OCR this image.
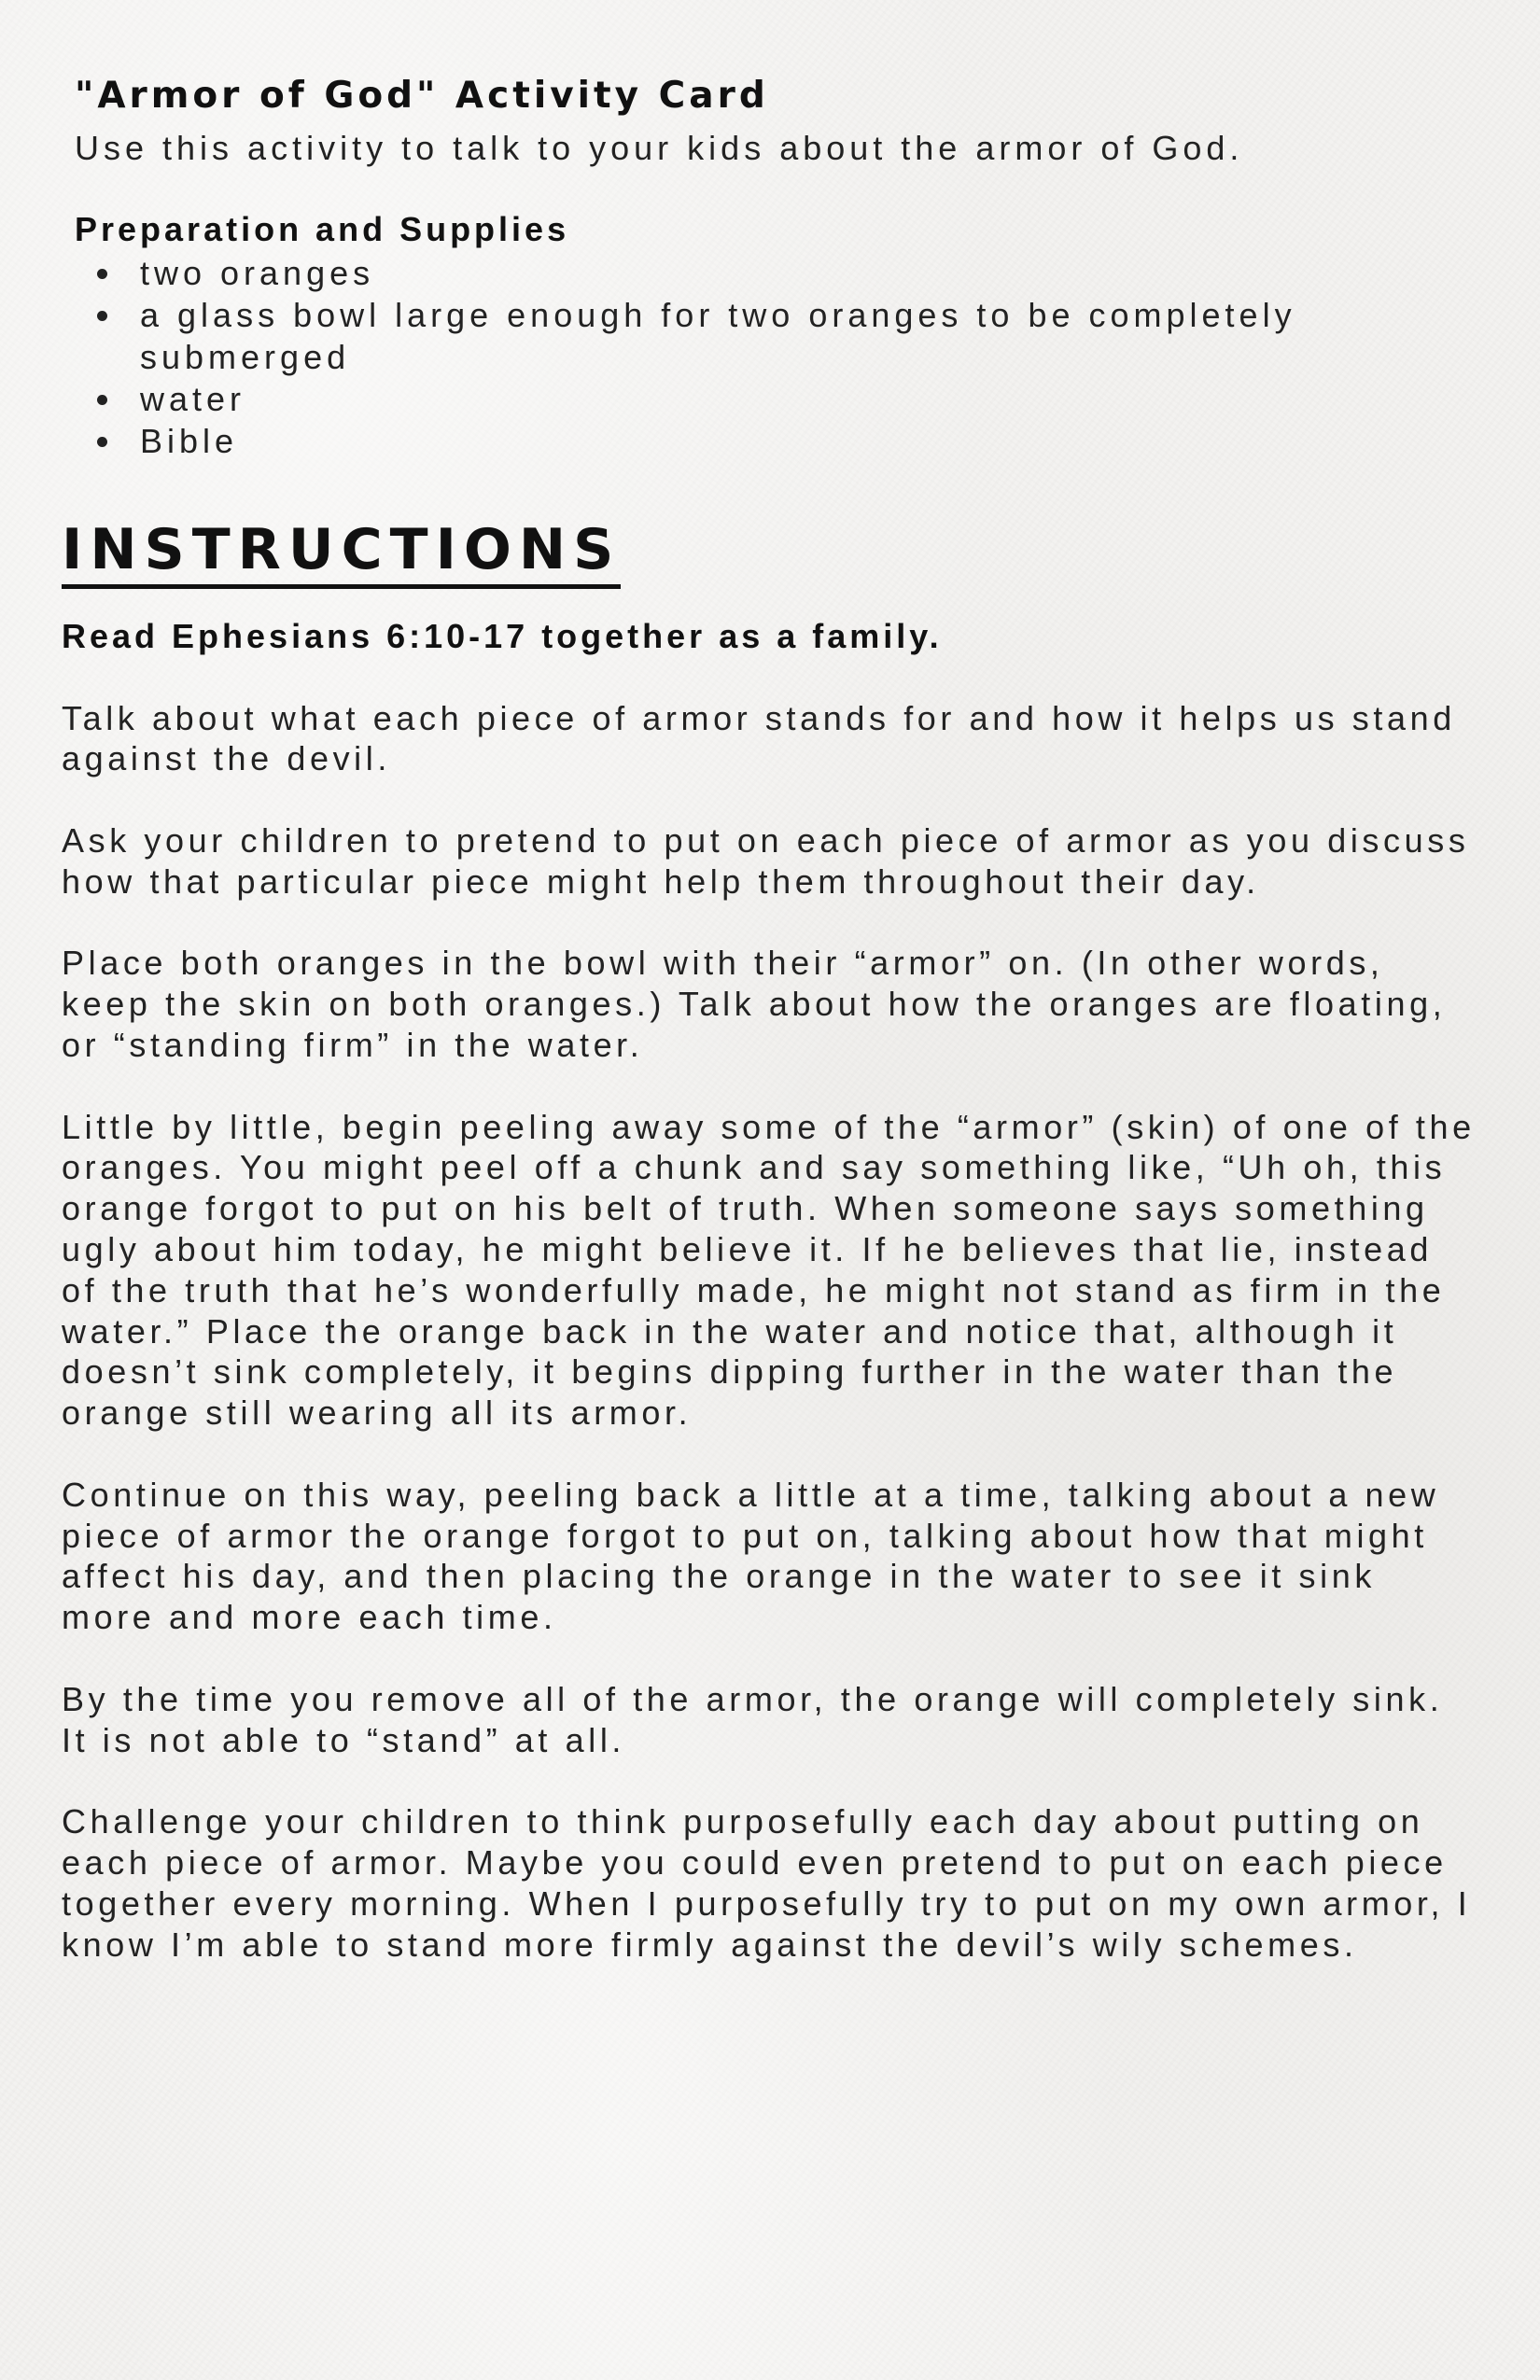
"Armor of God" Activity Card
Use this activity to talk to your kids about the armor of God.
Preparation and Supplies
two oranges
a glass bowl large enough for two oranges to be completely submerged
water
Bible
INSTRUCTIONS

Read Ephesians 6:10-17 together as a family.

Talk about what each piece of armor stands for and how it helps us stand against the devil.

Ask your children to pretend to put on each piece of armor as you discuss how that particular piece might help them throughout their day.

Place both oranges in the bowl with their “armor” on. (In other words, keep the skin on both oranges.) Talk about how the oranges are floating, or “standing firm” in the water.

Little by little, begin peeling away some of the “armor” (skin) of one of the oranges. You might peel off a chunk and say something like, “Uh oh, this orange forgot to put on his belt of truth. When someone says something ugly about him today, he might believe it. If he believes that lie, instead of the truth that he’s wonderfully made, he might not stand as firm in the water.” Place the orange back in the water and notice that, although it doesn’t sink completely, it begins dipping further in the water than the orange still wearing all its armor.

Continue on this way, peeling back a little at a time, talking about a new piece of armor the orange forgot to put on, talking about how that might affect his day, and then placing the orange in the water to see it sink more and more each time.

By the time you remove all of the armor, the orange will completely sink. It is not able to “stand” at all.

Challenge your children to think purposefully each day about putting on each piece of armor. Maybe you could even pretend to put on each piece together every morning. When I purposefully try to put on my own armor, I know I’m able to stand more firmly against the devil’s wily schemes.
